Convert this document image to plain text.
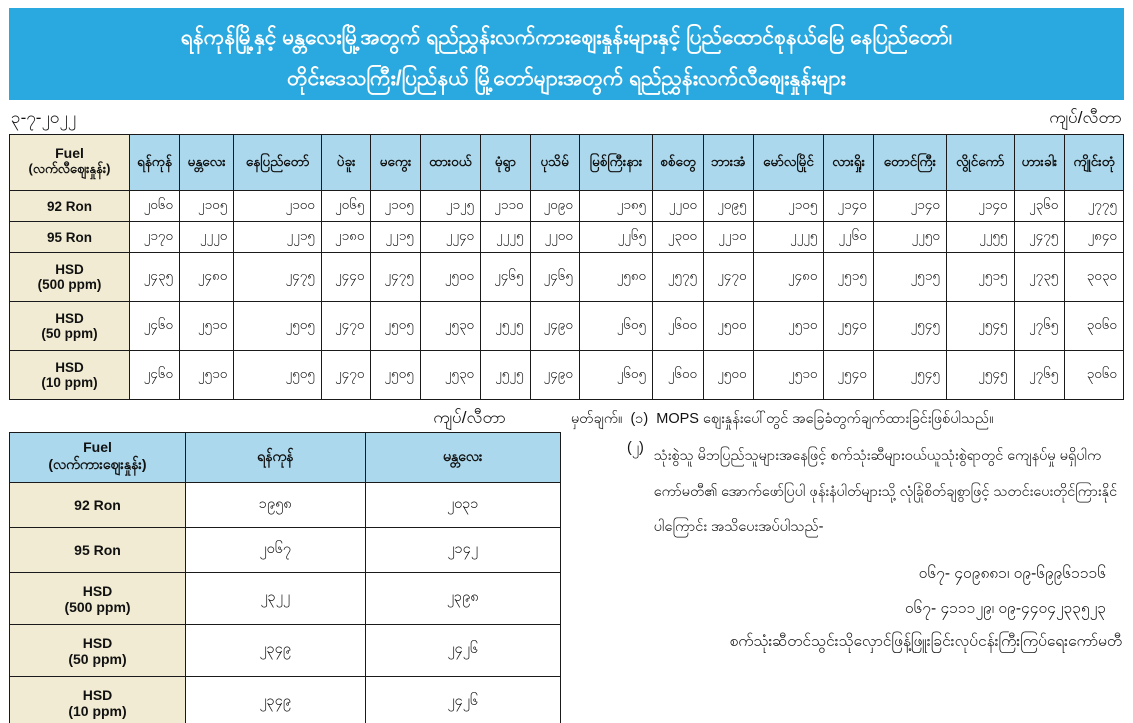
ရန်ကုန်မြို့နှင့် မန္တလေးမြို့အတွက် ရည်ညွှန်းလက်ကားဈေးနှုန်းများနှင့် ပြည်ထောင်စုနယ်မြေ နေပြည်တော်၊
တိုင်းဒေသကြီး/ပြည်နယ် မြို့တော်များအတွက် ရည်ညွှန်းလက်လီဈေးနှုန်းများ
၃-၇-၂၀၂၂	ကျပ်/လီတာ
Fuel
(လက်လီဈေးနှုန်း)	ရန်ကုန်	မန္တလေး	နေပြည်တော်	ပဲခူး	မကွေး	ထားဝယ်	မုံရွာ	ပုသိမ်	မြစ်ကြီးနား	စစ်တွေ	ဘားအံ	မော်လမြိုင်	လားရှိုး	တောင်ကြီး	လွိုင်ကော်	ဟားခါး	ကျိုင်းတုံ

92 Ron	၂၀၆၀	၂၁၀၅	၂၁၀၀	၂၀၆၅	၂၁၀၅	၂၁၂၅	၂၁၁၀	၂၀၉၀	၂၁၈၅	၂၂၀၀	၂၀၉၅	၂၁၀၅	၂၁၄၀	၂၁၄၀	၂၁၄၀	၂၃၆၀	၂၇၇၅

95 Ron	၂၁၇၀	၂၂၂၀	၂၂၁၅	၂၁၈၀	၂၂၁၅	၂၂၄၀	၂၂၂၅	၂၂၀၀	၂၂၆၅	၂၃၀၀	၂၂၁၀	၂၂၂၅	၂၂၆၀	၂၂၅၀	၂၂၅၅	၂၄၇၅	၂၈၄၀

HSD
(500 ppm)	၂၄၃၅	၂၄၈၀	၂၄၇၅	၂၄၄၀	၂၄၇၅	၂၅၀၀	၂၄၆၅	၂၄၆၅	၂၅၈၀	၂၅၇၅	၂၄၇၀	၂၄၈၀	၂၅၁၅	၂၅၁၅	၂၅၁၅	၂၇၃၅	၃၀၃၀

HSD
(50 ppm)	၂၄၆၀	၂၅၁၀	၂၅၀၅	၂၄၇၀	၂၅၀၅	၂၅၃၀	၂၅၂၅	၂၄၉၀	၂၆၀၅	၂၆၀၀	၂၅၀၀	၂၅၁၀	၂၅၄၀	၂၅၄၅	၂၅၄၅	၂၇၆၅	၃၀၆၀

HSD
(10 ppm)	၂၄၆၀	၂၅၁၀	၂၅၀၅	၂၄၇၀	၂၅၀၅	၂၅၃၀	၂၅၂၅	၂၄၉၀	၂၆၀၅	၂၆၀၀	၂၅၀၀	၂၅၁၀	၂၅၄၀	၂၅၄၅	၂၅၄၅	၂၇၆၅	၃၀၆၀
ကျပ်/လီတာ
Fuel
(လက်ကားဈေးနှုန်း)	ရန်ကုန်	မန္တလေး

92 Ron	၁၉၅၈	၂၀၃၁

95 Ron	၂၀၆၇	၂၁၄၂

HSD
(500 ppm)	၂၃၂၂	၂၃၉၈

HSD
(50 ppm)	၂၃၄၉	၂၄၂၆

HSD
(10 ppm)	၂၃၄၉	၂၄၂၆
မှတ်ချက်။ (၁) MOPS ဈေးနှုန်းပေါ်တွင် အခြေခံတွက်ချက်ထားခြင်းဖြစ်ပါသည်။
(၂) သုံးစွဲသူ မိဘပြည်သူများအနေဖြင့် စက်သုံးဆီများဝယ်ယူသုံးစွဲရာတွင် ကျေနပ်မှု မရှိပါက ကော်မတီ၏ အောက်ဖော်ပြပါ ဖုန်းနံပါတ်များသို့ လုံခြုံစိတ်ချစွာဖြင့် သတင်းပေးတိုင်ကြားနိုင်ပါကြောင်း အသိပေးအပ်ပါသည်-
၀၆၇- ၄၀၉၈၈၁၊ ၀၉-၆၉၉၆၁၁၁၆
၀၆၇- ၄၁၁၁၂၉၊ ၀၉-၄၄၀၄၂၃၃၅၂၃
စက်သုံးဆီတင်သွင်းသိုလှောင်ဖြန့်ဖြူးခြင်းလုပ်ငန်းကြီးကြပ်ရေးကော်မတီ
